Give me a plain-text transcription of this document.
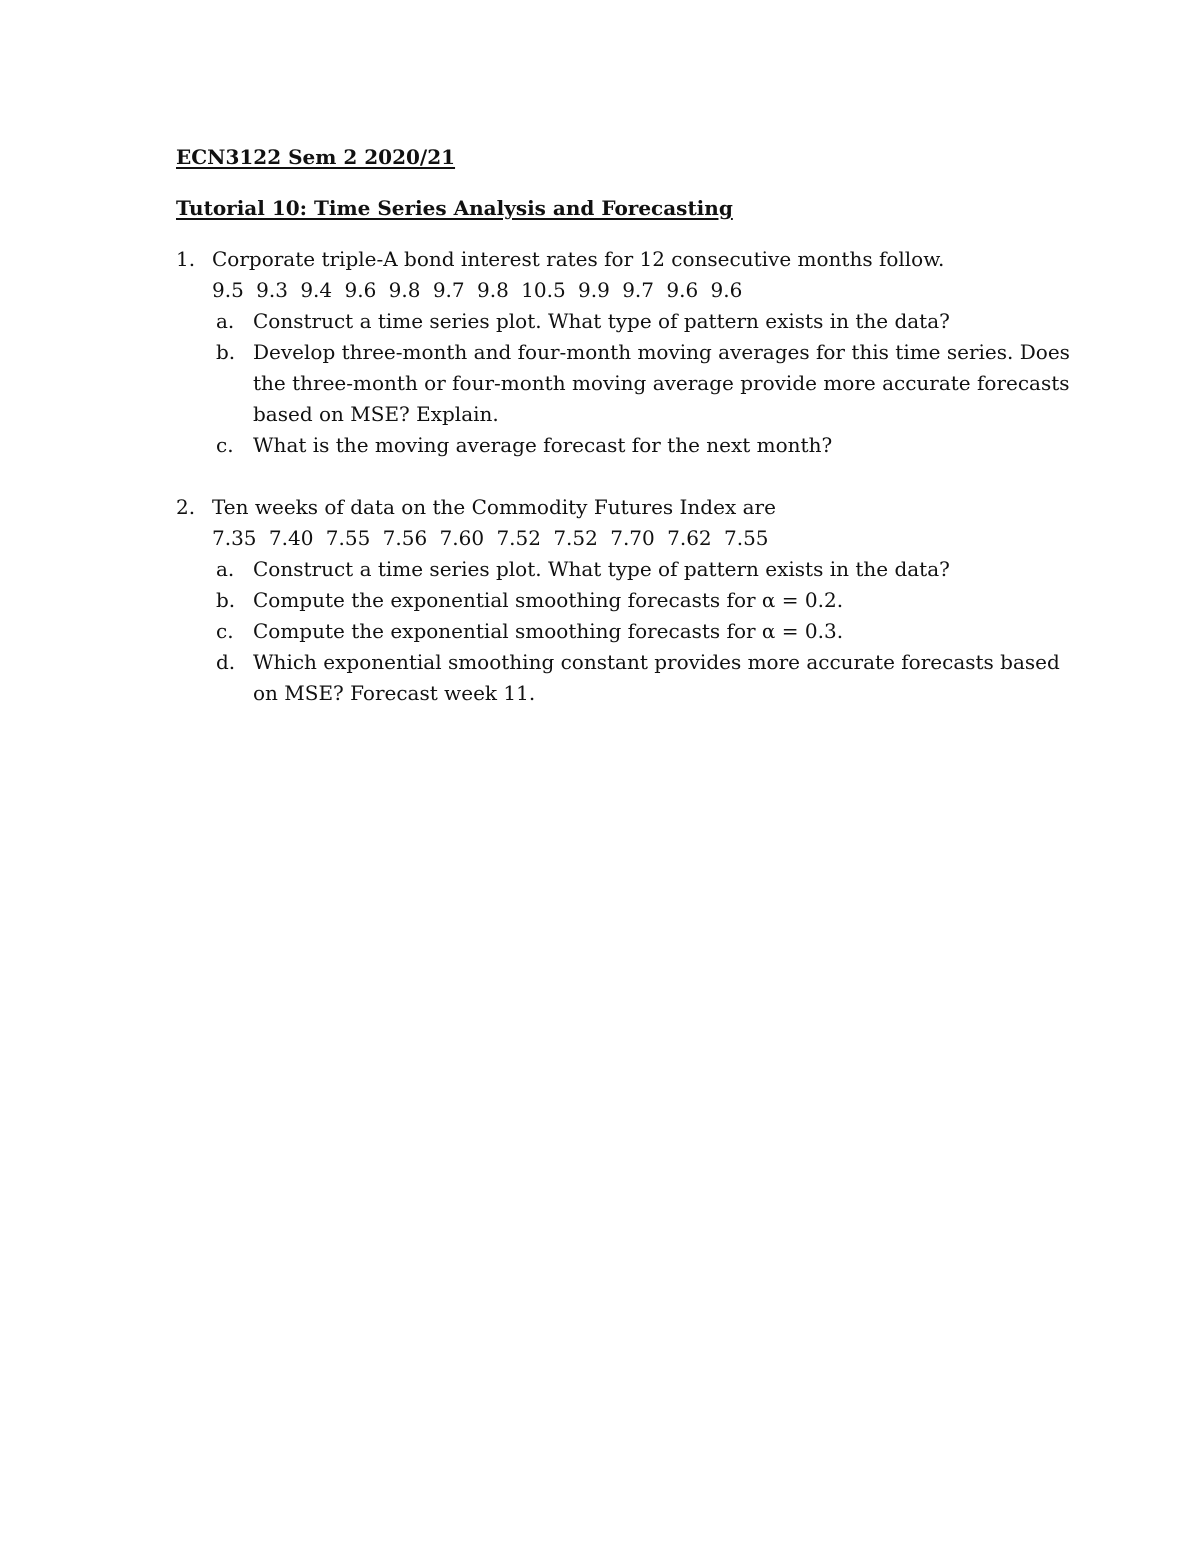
ECN3122 Sem 2 2020/21
Tutorial 10: Time Series Analysis and Forecasting
1. Corporate triple-A bond interest rates for 12 consecutive months follow.
9.5 9.3 9.4 9.6 9.8 9.7 9.8 10.5 9.9 9.7 9.6 9.6
a. Construct a time series plot. What type of pattern exists in the data?
b. Develop three-month and four-month moving averages for this time series. Does the three-month or four-month moving average provide more accurate forecasts based on MSE? Explain.
c. What is the moving average forecast for the next month?
2. Ten weeks of data on the Commodity Futures Index are
7.35 7.40 7.55 7.56 7.60 7.52 7.52 7.70 7.62 7.55
a. Construct a time series plot. What type of pattern exists in the data?
b. Compute the exponential smoothing forecasts for α = 0.2.
c. Compute the exponential smoothing forecasts for α = 0.3.
d. Which exponential smoothing constant provides more accurate forecasts based on MSE? Forecast week 11.
